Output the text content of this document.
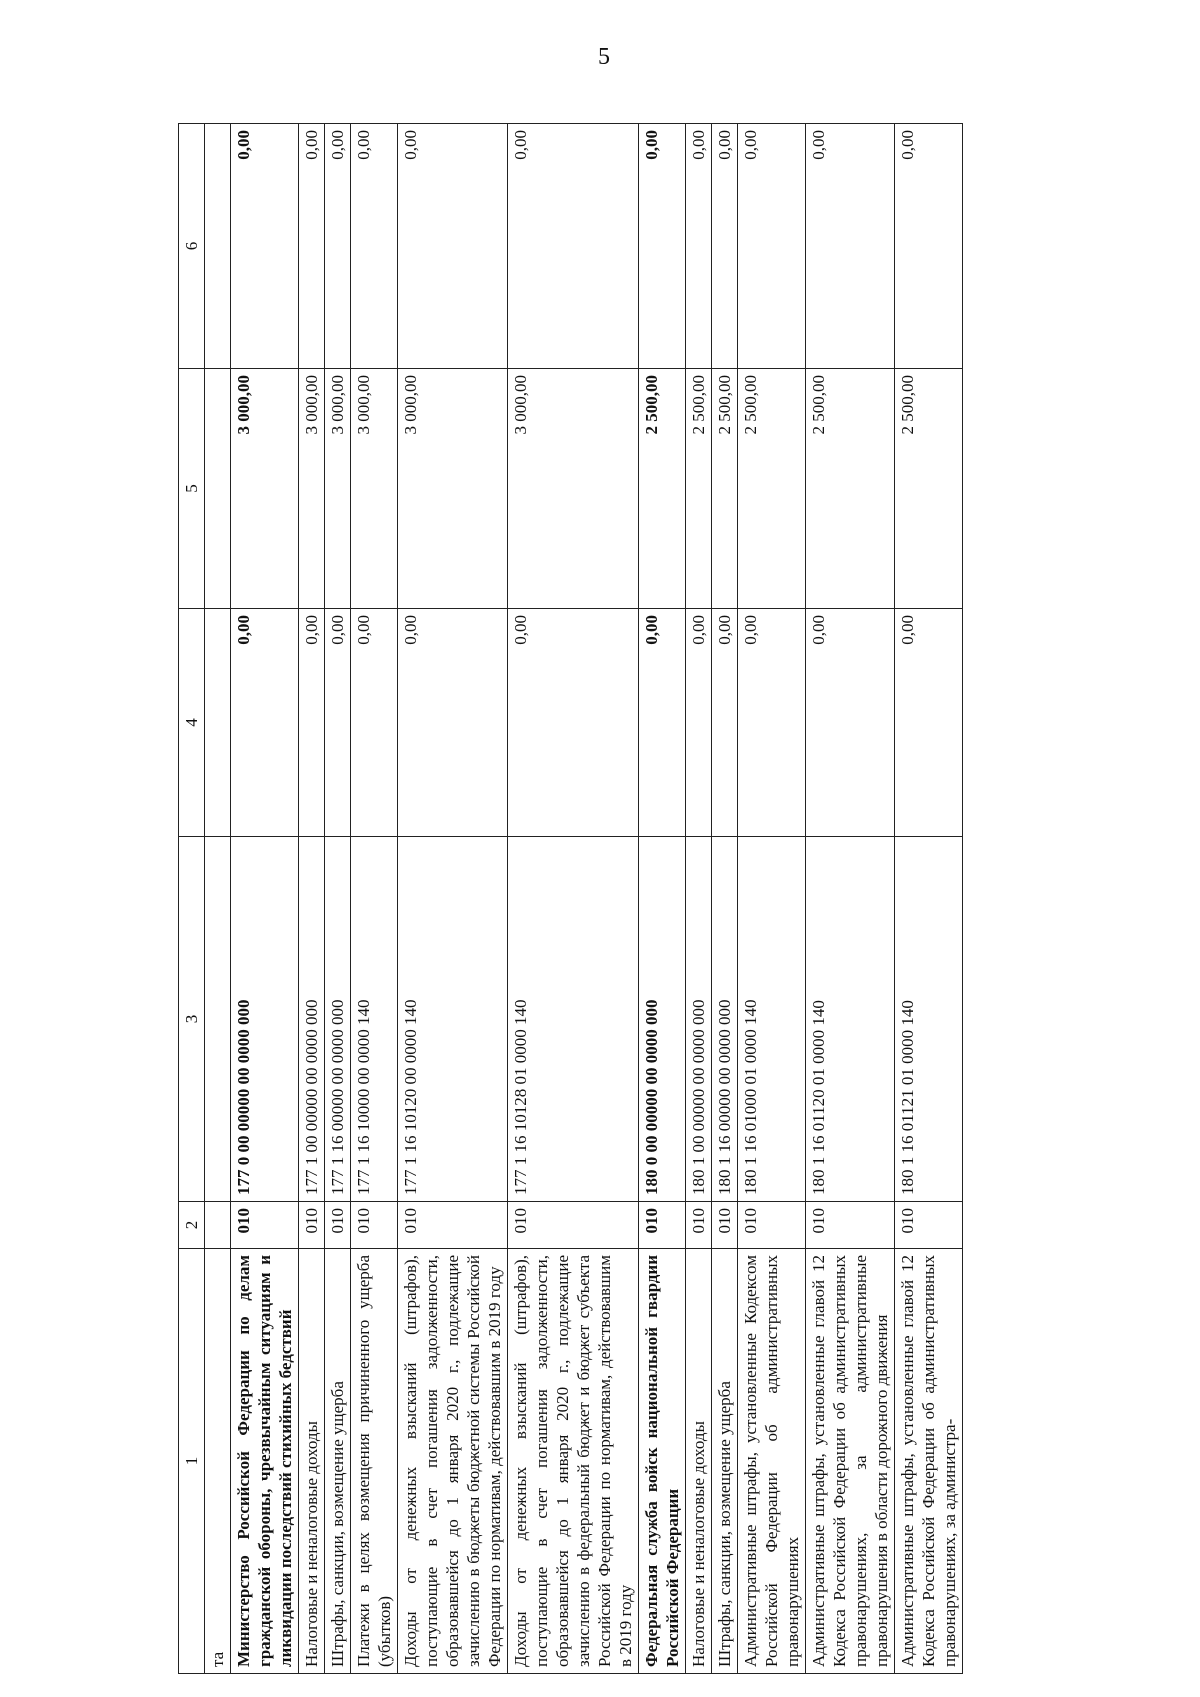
5
1	2	3	4	5	6
та					
Министерство Российской Федерации по делам гражданской обороны, чрезвычайным ситуациям и ликвидации последствий стихийных бедствий	010	177 0 00 00000 00 0000 000	0,00	3 000,00	0,00
Налоговые и неналоговые доходы	010	177 1 00 00000 00 0000 000	0,00	3 000,00	0,00
Штрафы, санкции, возмещение ущерба	010	177 1 16 00000 00 0000 000	0,00	3 000,00	0,00
Платежи в целях возмещения причиненного ущерба (убытков)	010	177 1 16 10000 00 0000 140	0,00	3 000,00	0,00
Доходы от денежных взысканий (штрафов), поступающие в счет погашения задолженности, образовавшейся до 1 января 2020 г., подлежащие зачислению в бюджеты бюджетной системы Российской Федерации по нормативам, действовавшим в 2019 году	010	177 1 16 10120 00 0000 140	0,00	3 000,00	0,00
Доходы от денежных взысканий (штрафов), поступающие в счет погашения задолженности, образовавшейся до 1 января 2020 г., подлежащие зачислению в федеральный бюджет и бюджет субъекта Российской Федерации по нормативам, действовавшим в 2019 году	010	177 1 16 10128 01 0000 140	0,00	3 000,00	0,00
Федеральная служба войск национальной гвардии Российской Федерации	010	180 0 00 00000 00 0000 000	0,00	2 500,00	0,00
Налоговые и неналоговые доходы	010	180 1 00 00000 00 0000 000	0,00	2 500,00	0,00
Штрафы, санкции, возмещение ущерба	010	180 1 16 00000 00 0000 000	0,00	2 500,00	0,00
Административные штрафы, установленные Кодексом Российской Федерации об административных правонарушениях	010	180 1 16 01000 01 0000 140	0,00	2 500,00	0,00
Административные штрафы, установленные главой 12 Кодекса Российской Федерации об административных правонарушениях, за административные правонарушения в области дорожного движения	010	180 1 16 01120 01 0000 140	0,00	2 500,00	0,00
Административные штрафы, установленные главой 12 Кодекса Российской Федерации об административных правонарушениях, за администра-	010	180 1 16 01121 01 0000 140	0,00	2 500,00	0,00
